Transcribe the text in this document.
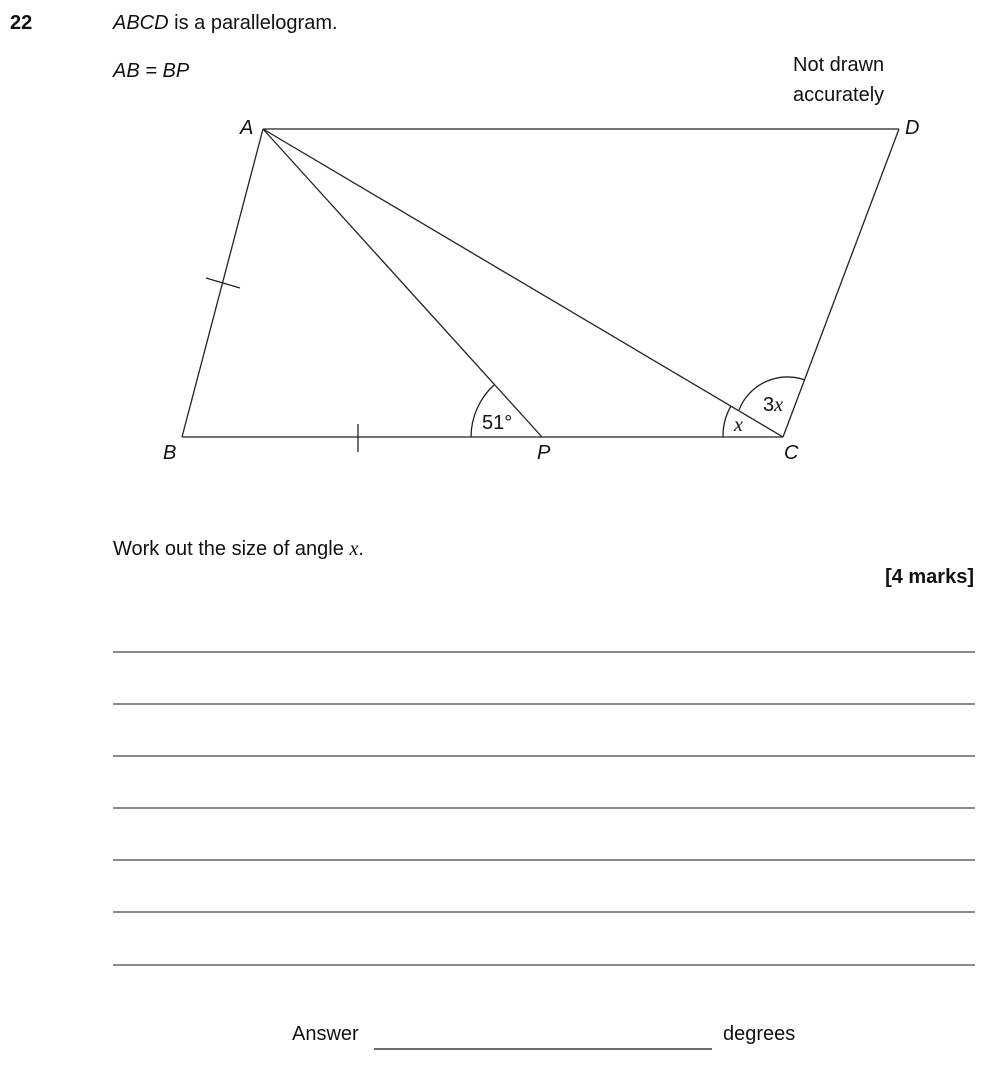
22	ABCD is a parallelogram.
AB = BP	Not drawn
accurately
A	D
B	P	C
51°	x
3x
Work out the size of angle x.
[4 marks]
Answer	degrees
